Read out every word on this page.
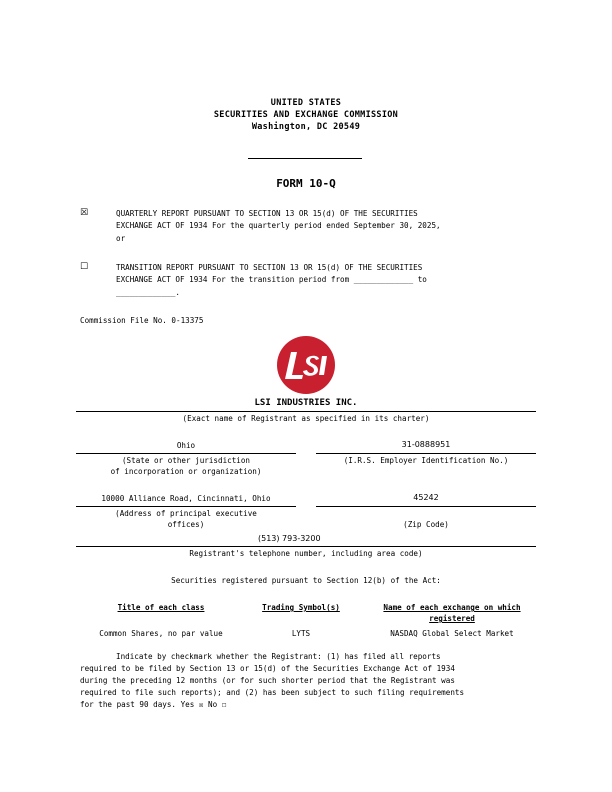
UNITED STATES
SECURITIES AND EXCHANGE COMMISSION
Washington, DC 20549
FORM 10-Q
☒	QUARTERLY REPORT PURSUANT TO SECTION 13 OR 15(d) OF THE SECURITIES
EXCHANGE ACT OF 1934 For the quarterly period ended September 30, 2025,
or
☐	TRANSITION REPORT PURSUANT TO SECTION 13 OR 15(d) OF THE SECURITIES
EXCHANGE ACT OF 1934 For the transition period from _____________ to
_____________.
Commission File No. 0-13375
LSI INDUSTRIES INC.
(Exact name of Registrant as specified in its charter)
Ohio	31-0888951
(State or other jurisdiction
of incorporation or organization)
(I.R.S. Employer Identification No.)
10000 Alliance Road, Cincinnati, Ohio	45242
(Address of principal executive
offices)	(Zip Code)
(513) 793-3200
Registrant's telephone number, including area code)
Securities registered pursuant to Section 12(b) of the Act:
Title of each class	Trading Symbol(s)	Name of each exchange on which registered
Common Shares, no par value	LYTS	NASDAQ Global Select Market
Indicate by checkmark whether the Registrant: (1) has filed all reports
required to be filed by Section 13 or 15(d) of the Securities Exchange Act of 1934
during the preceding 12 months (or for such shorter period that the Registrant was
required to file such reports); and (2) has been subject to such filing requirements
for the past 90 days. Yes ☒ No ☐
